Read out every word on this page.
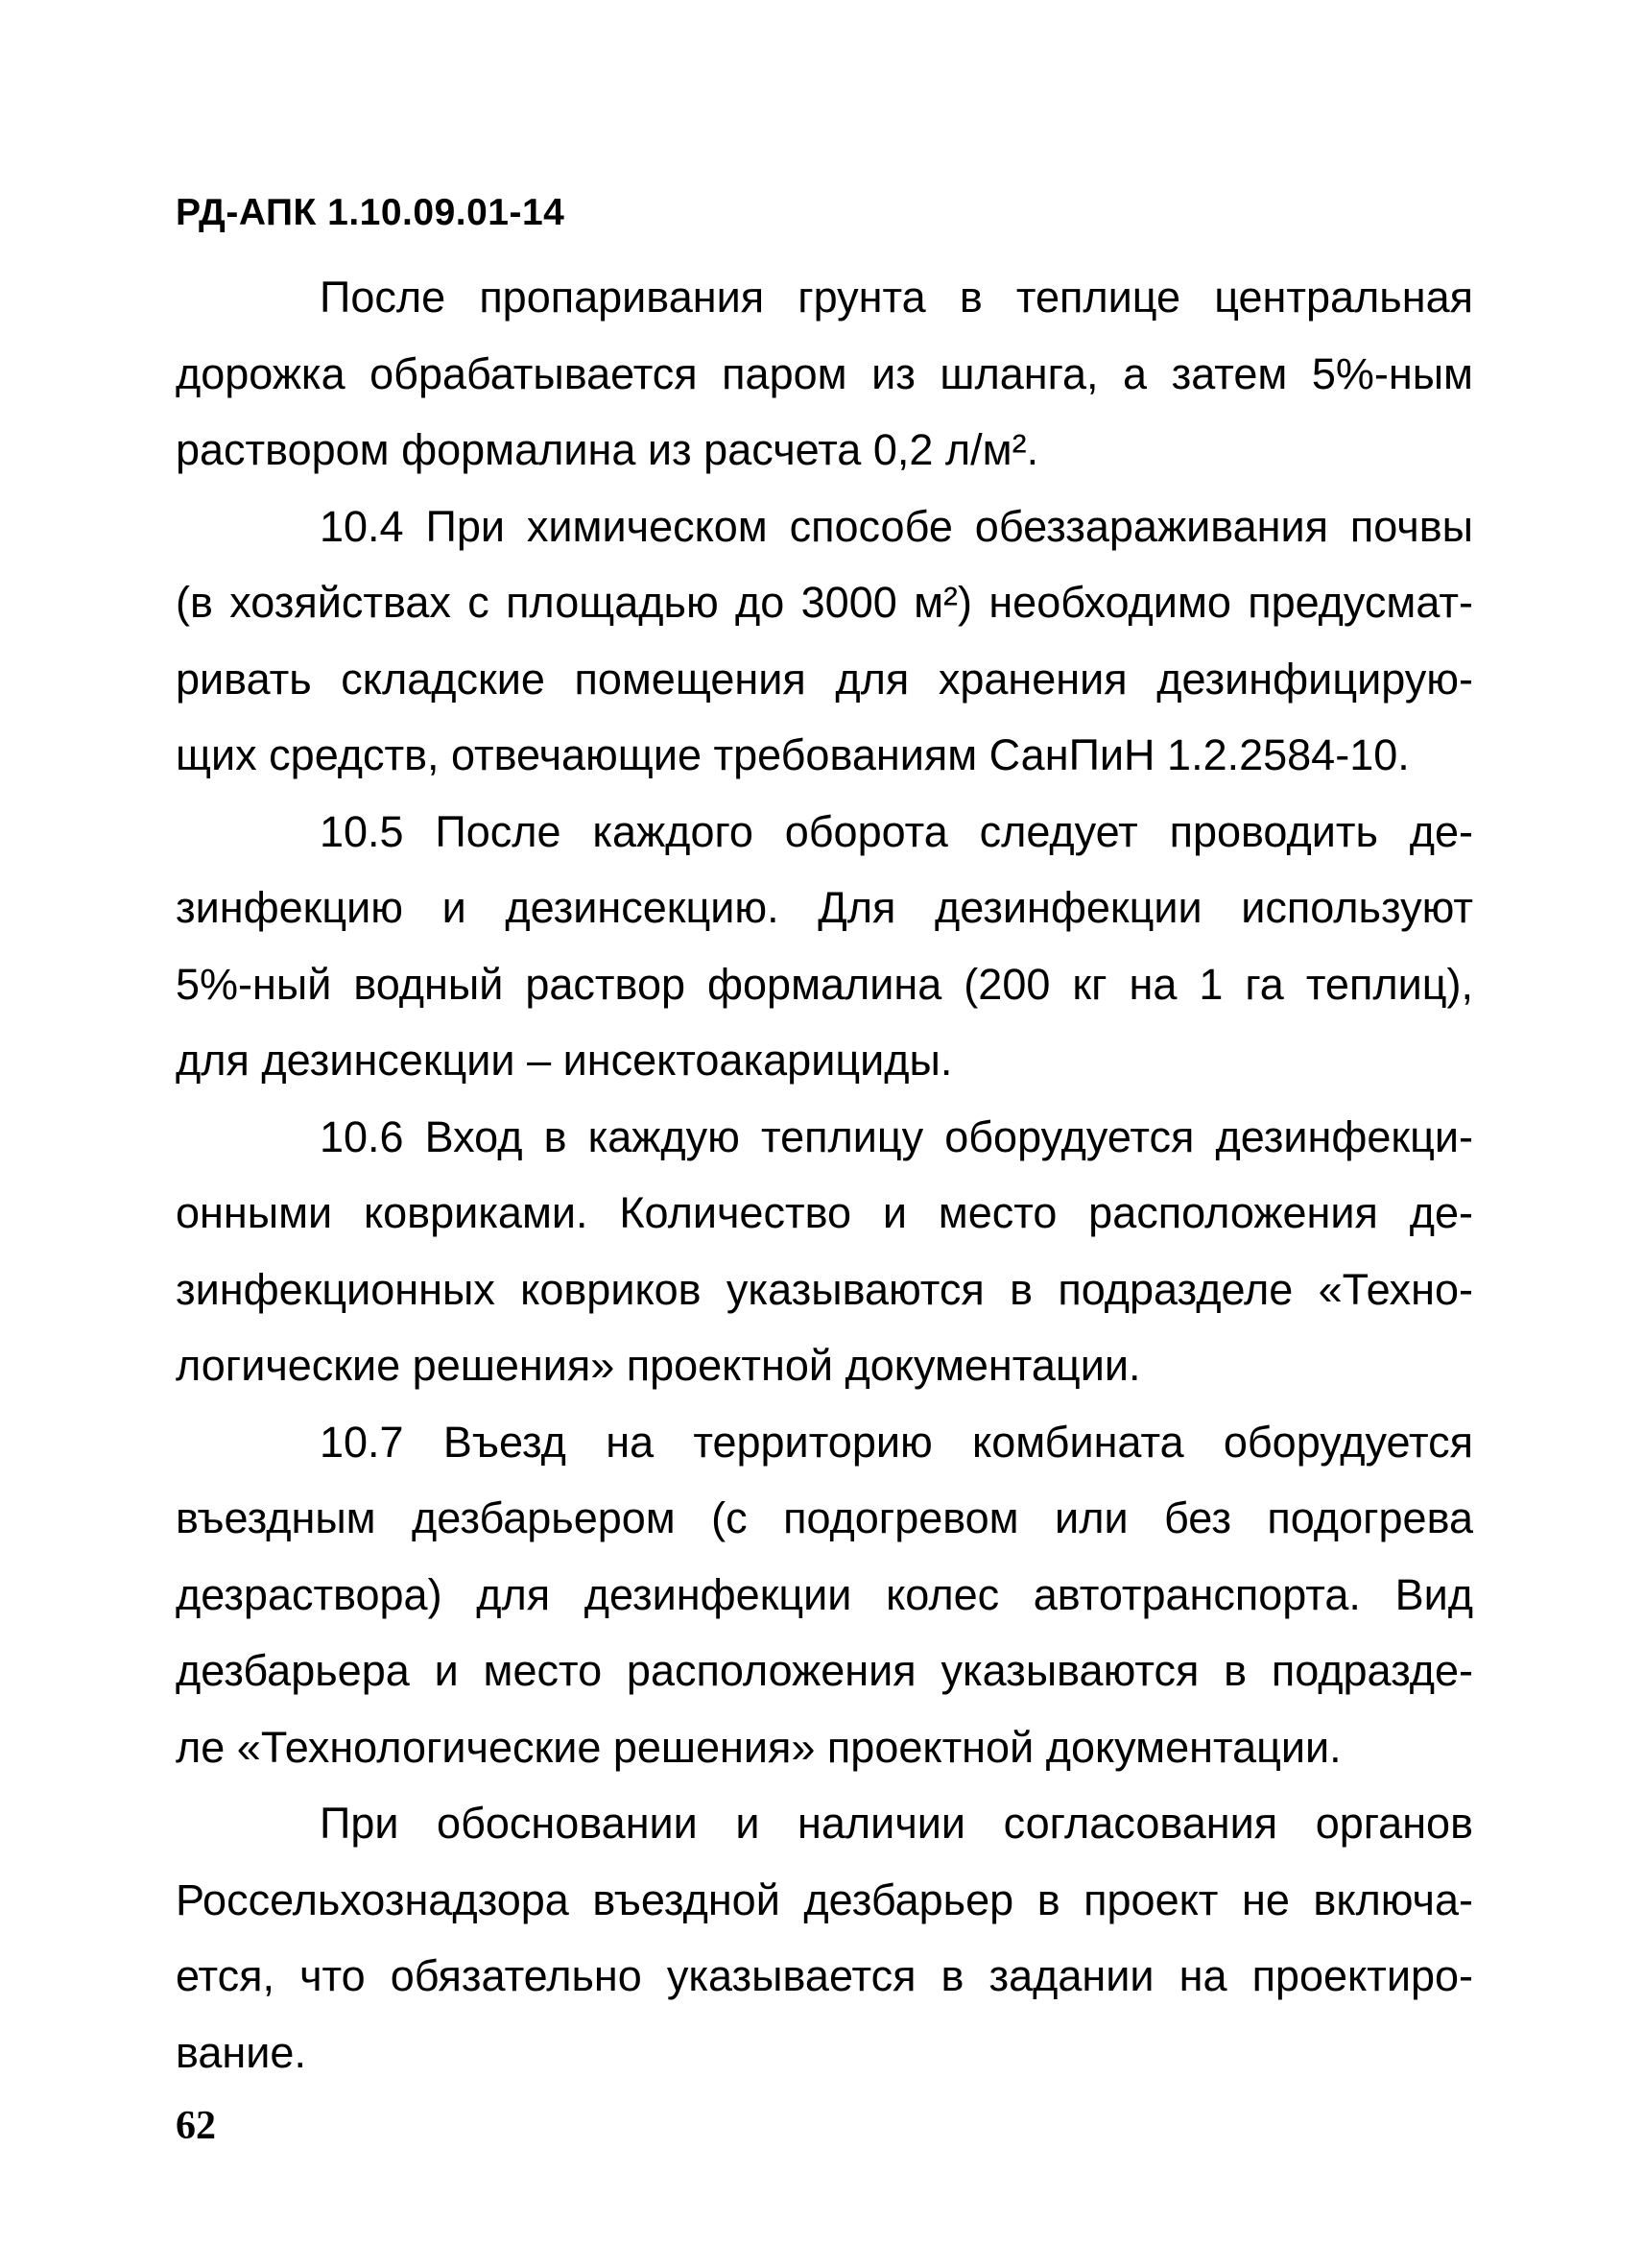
РД-АПК 1.10.09.01-14
После пропаривания грунта в теплице центральная
дорожка обрабатывается паром из шланга, а затем 5%-ным
раствором формалина из расчета 0,2 л/м².
10.4 При химическом способе обеззараживания почвы
(в хозяйствах с площадью до 3000 м²) необходимо предусмат-
ривать складские помещения для хранения дезинфицирую-
щих средств, отвечающие требованиям СанПиН 1.2.2584-10.
10.5 После каждого оборота следует проводить де-
зинфекцию и дезинсекцию. Для дезинфекции используют
5%-ный водный раствор формалина (200 кг на 1 га теплиц),
для дезинсекции – инсектоакарициды.
10.6 Вход в каждую теплицу оборудуется дезинфекци-
онными ковриками. Количество и место расположения де-
зинфекционных ковриков указываются в подразделе «Техно-
логические решения» проектной документации.
10.7 Въезд на территорию комбината оборудуется
въездным дезбарьером (с подогревом или без подогрева
дезраствора) для дезинфекции колес автотранспорта. Вид
дезбарьера и место расположения указываются в подразде-
ле «Технологические решения» проектной документации.
При обосновании и наличии согласования органов
Россельхознадзора въездной дезбарьер в проект не включа-
ется, что обязательно указывается в задании на проектиро-
вание.
62
